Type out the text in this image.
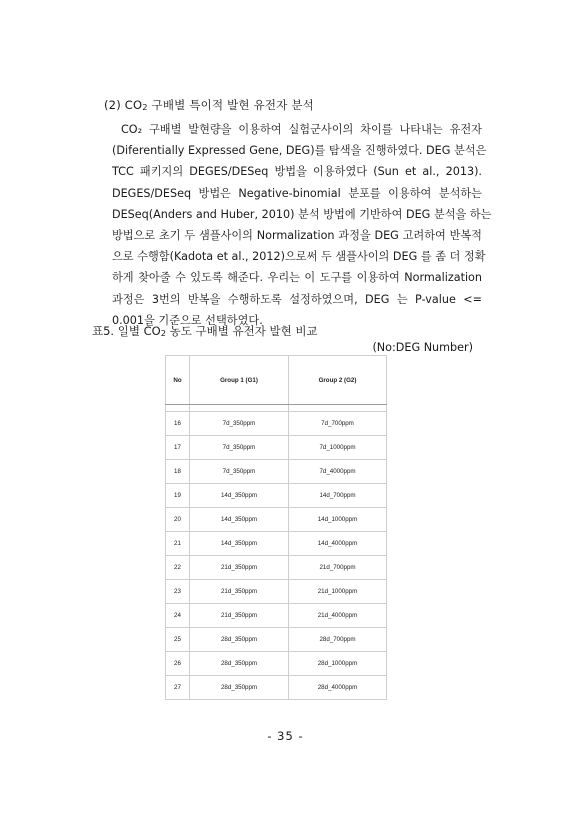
(2) $CO_2$ 구배별 특이적 발현 유전자 분석
CO₂ 구배별 발현량을 이용하여 실험군사이의 차이를 나타내는 유전자
(Diferentially Expressed Gene, DEG)를 탐색을 진행하였다. DEG 분석은
TCC 패키지의 DEGES/DESeq 방법을 이용하였다 (Sun et al., 2013).
DEGES/DESeq 방법은 Negative-binomial 분포를 이용하여 분석하는
DESeq(Anders and Huber, 2010) 분석 방법에 기반하여 DEG 분석을 하는
방법으로 초기 두 샘플사이의 Normalization 과정을 DEG 고려하여 반복적
으로 수행함(Kadota et al., 2012)으로써 두 샘플사이의 DEG 를 좀 더 정확
하게 찾아줄 수 있도록 해준다. 우리는 이 도구를 이용하여 Normalization
과정은 3번의 반복을 수행하도록 설정하였으며, DEG 는 P-value <=
0.001을 기준으로 선택하였다.
표5. 일별 $CO_2$ 농도 구배별 유전자 발현 비교
(No:DEG Number)
No	Group 1 (G1)	Group 2 (G2)

16	7d_350ppm	7d_700ppm
17	7d_350ppm	7d_1000ppm
18	7d_350ppm	7d_4000ppm
19	14d_350ppm	14d_700ppm
20	14d_350ppm	14d_1000ppm
21	14d_350ppm	14d_4000ppm
22	21d_350ppm	21d_700ppm
23	21d_350ppm	21d_1000ppm
24	21d_350ppm	21d_4000ppm
25	28d_350ppm	28d_700ppm
26	28d_350ppm	28d_1000ppm
27	28d_350ppm	28d_4000ppm
- 35 -
